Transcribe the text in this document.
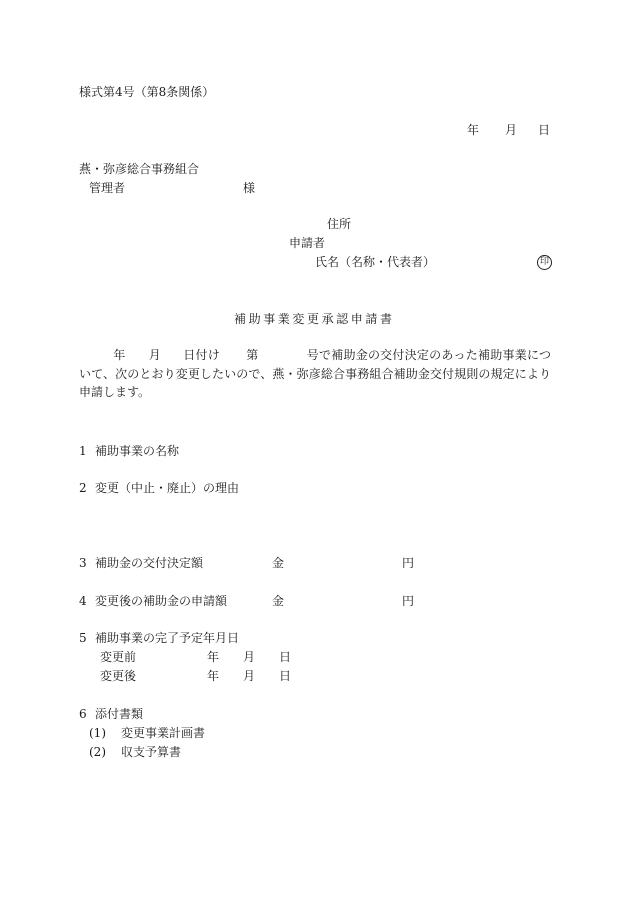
様式第4号（第8条関係）
年 月 日
燕・弥彦総合事務組合
管理者	様
住所
申請者
氏名（名称・代表者）	印
補助事業変更承認申請書
年 月 日付け 第	号で補助金の交付決定のあった補助事業について、次のとおり変更したいので、燕・弥彦総合事務組合補助金交付規則の規定により申請します。
1 補助事業の名称
2 変更（中止・廃止）の理由
3 補助金の交付決定額	金	円
4 変更後の補助金の申請額	金	円
5 補助事業の完了予定年月日
変更前	年 月 日
変更後	年 月 日
6 添付書類
(1) 変更事業計画書
(2) 収支予算書
